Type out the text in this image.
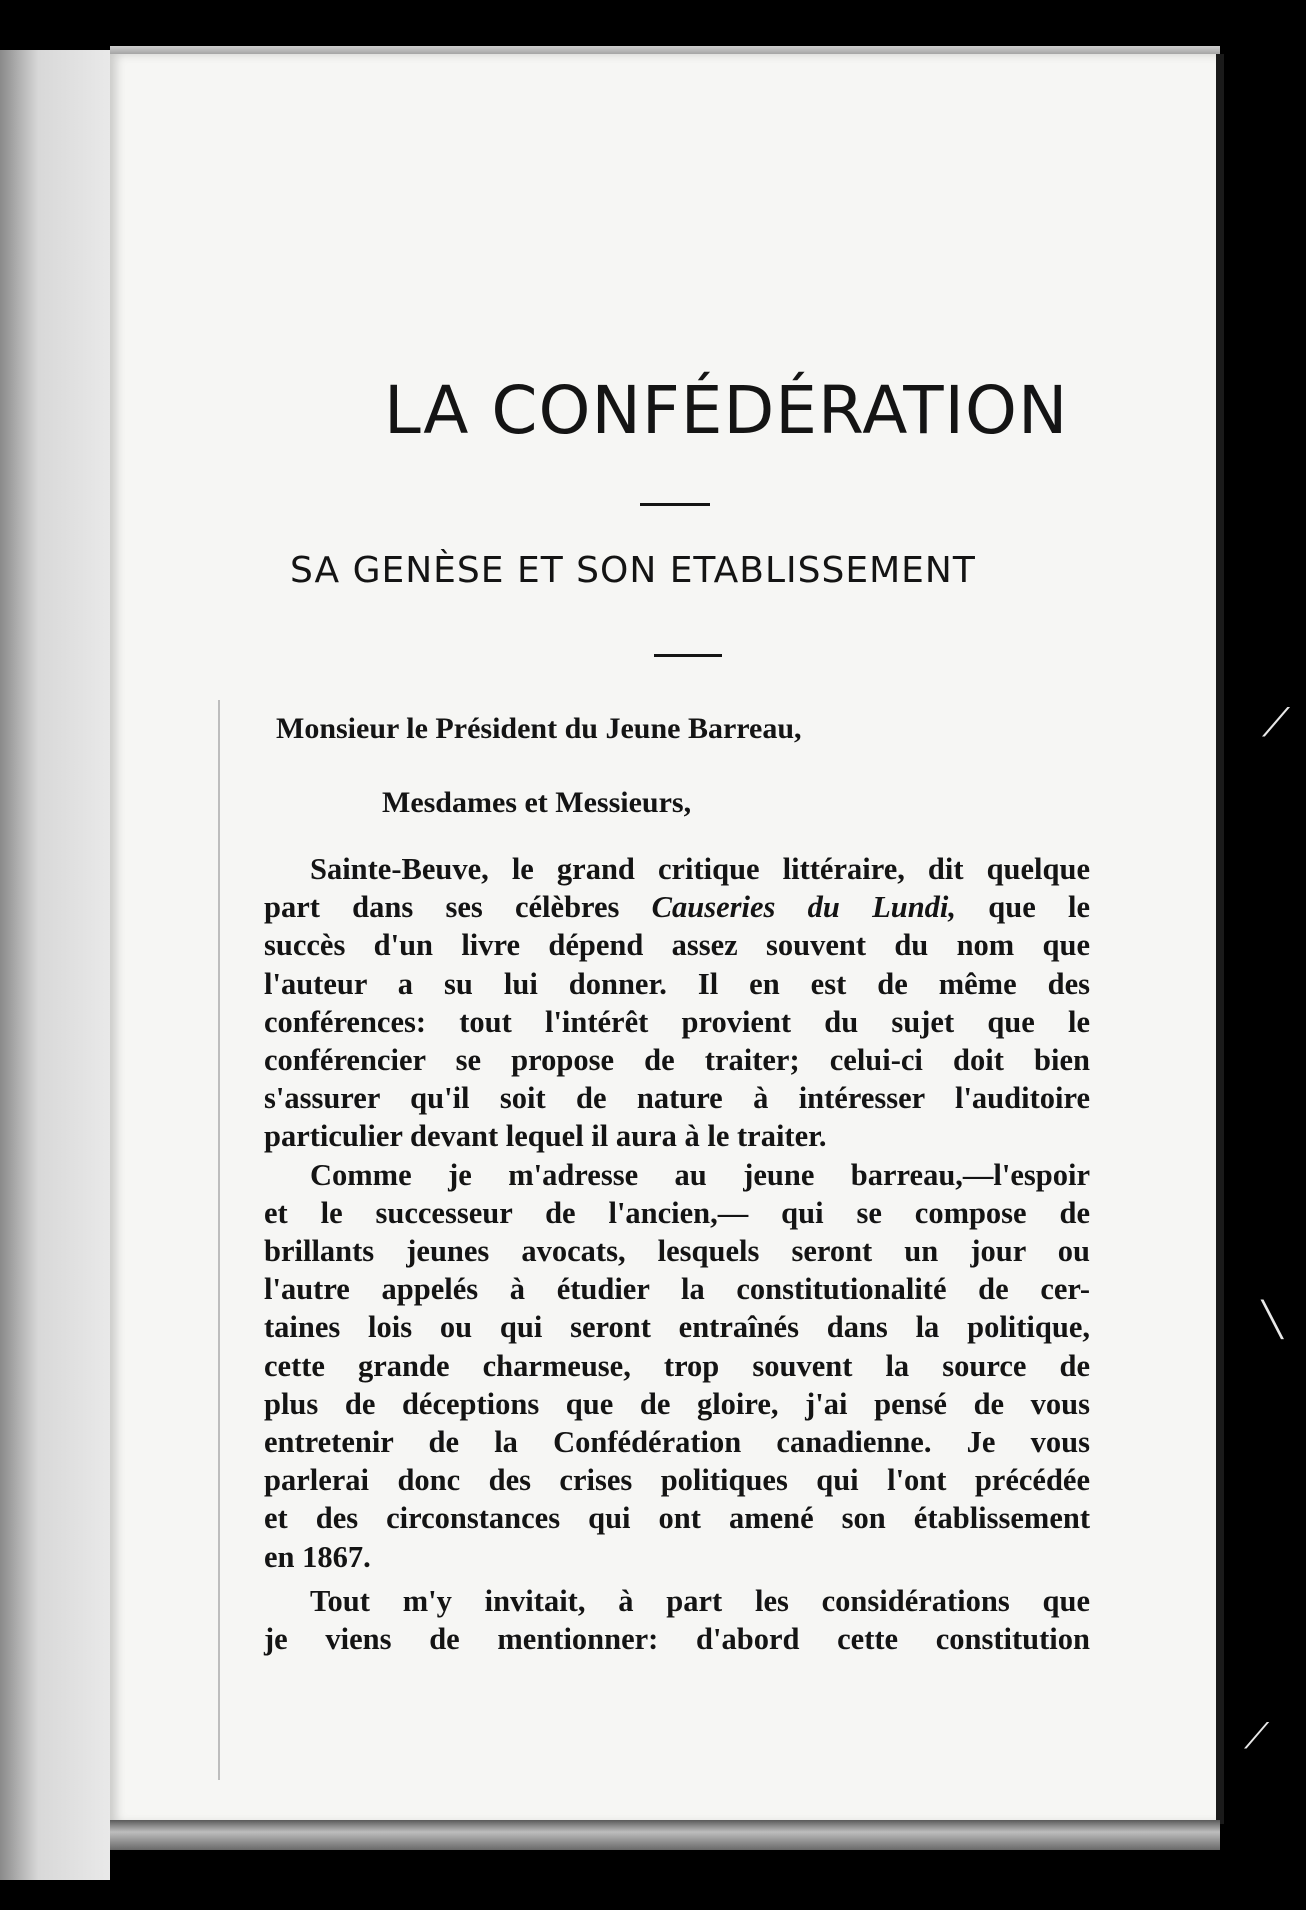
⟋
╲
⟋
LA CONFÉDÉRATION
SA GENÈSE ET SON ETABLISSEMENT
Monsieur le Président du Jeune Barreau,
Mesdames et Messieurs,
Sainte-Beuve, le grand critique littéraire, dit quelque
part dans ses célèbres Causeries du Lundi, que le
succès d'un livre dépend assez souvent du nom que
l'auteur a su lui donner. Il en est de même des
conférences: tout l'intérêt provient du sujet que le
conférencier se propose de traiter; celui-ci doit bien
s'assurer qu'il soit de nature à intéresser l'auditoire
particulier devant lequel il aura à le traiter.
Comme je m'adresse au jeune barreau,—l'espoir
et le successeur de l'ancien,— qui se compose de
brillants jeunes avocats, lesquels seront un jour ou
l'autre appelés à étudier la constitutionalité de cer-
taines lois ou qui seront entraînés dans la politique,
cette grande charmeuse, trop souvent la source de
plus de déceptions que de gloire, j'ai pensé de vous
entretenir de la Confédération canadienne. Je vous
parlerai donc des crises politiques qui l'ont précédée
et des circonstances qui ont amené son établissement
en 1867.
Tout m'y invitait, à part les considérations que
je viens de mentionner: d'abord cette constitution
